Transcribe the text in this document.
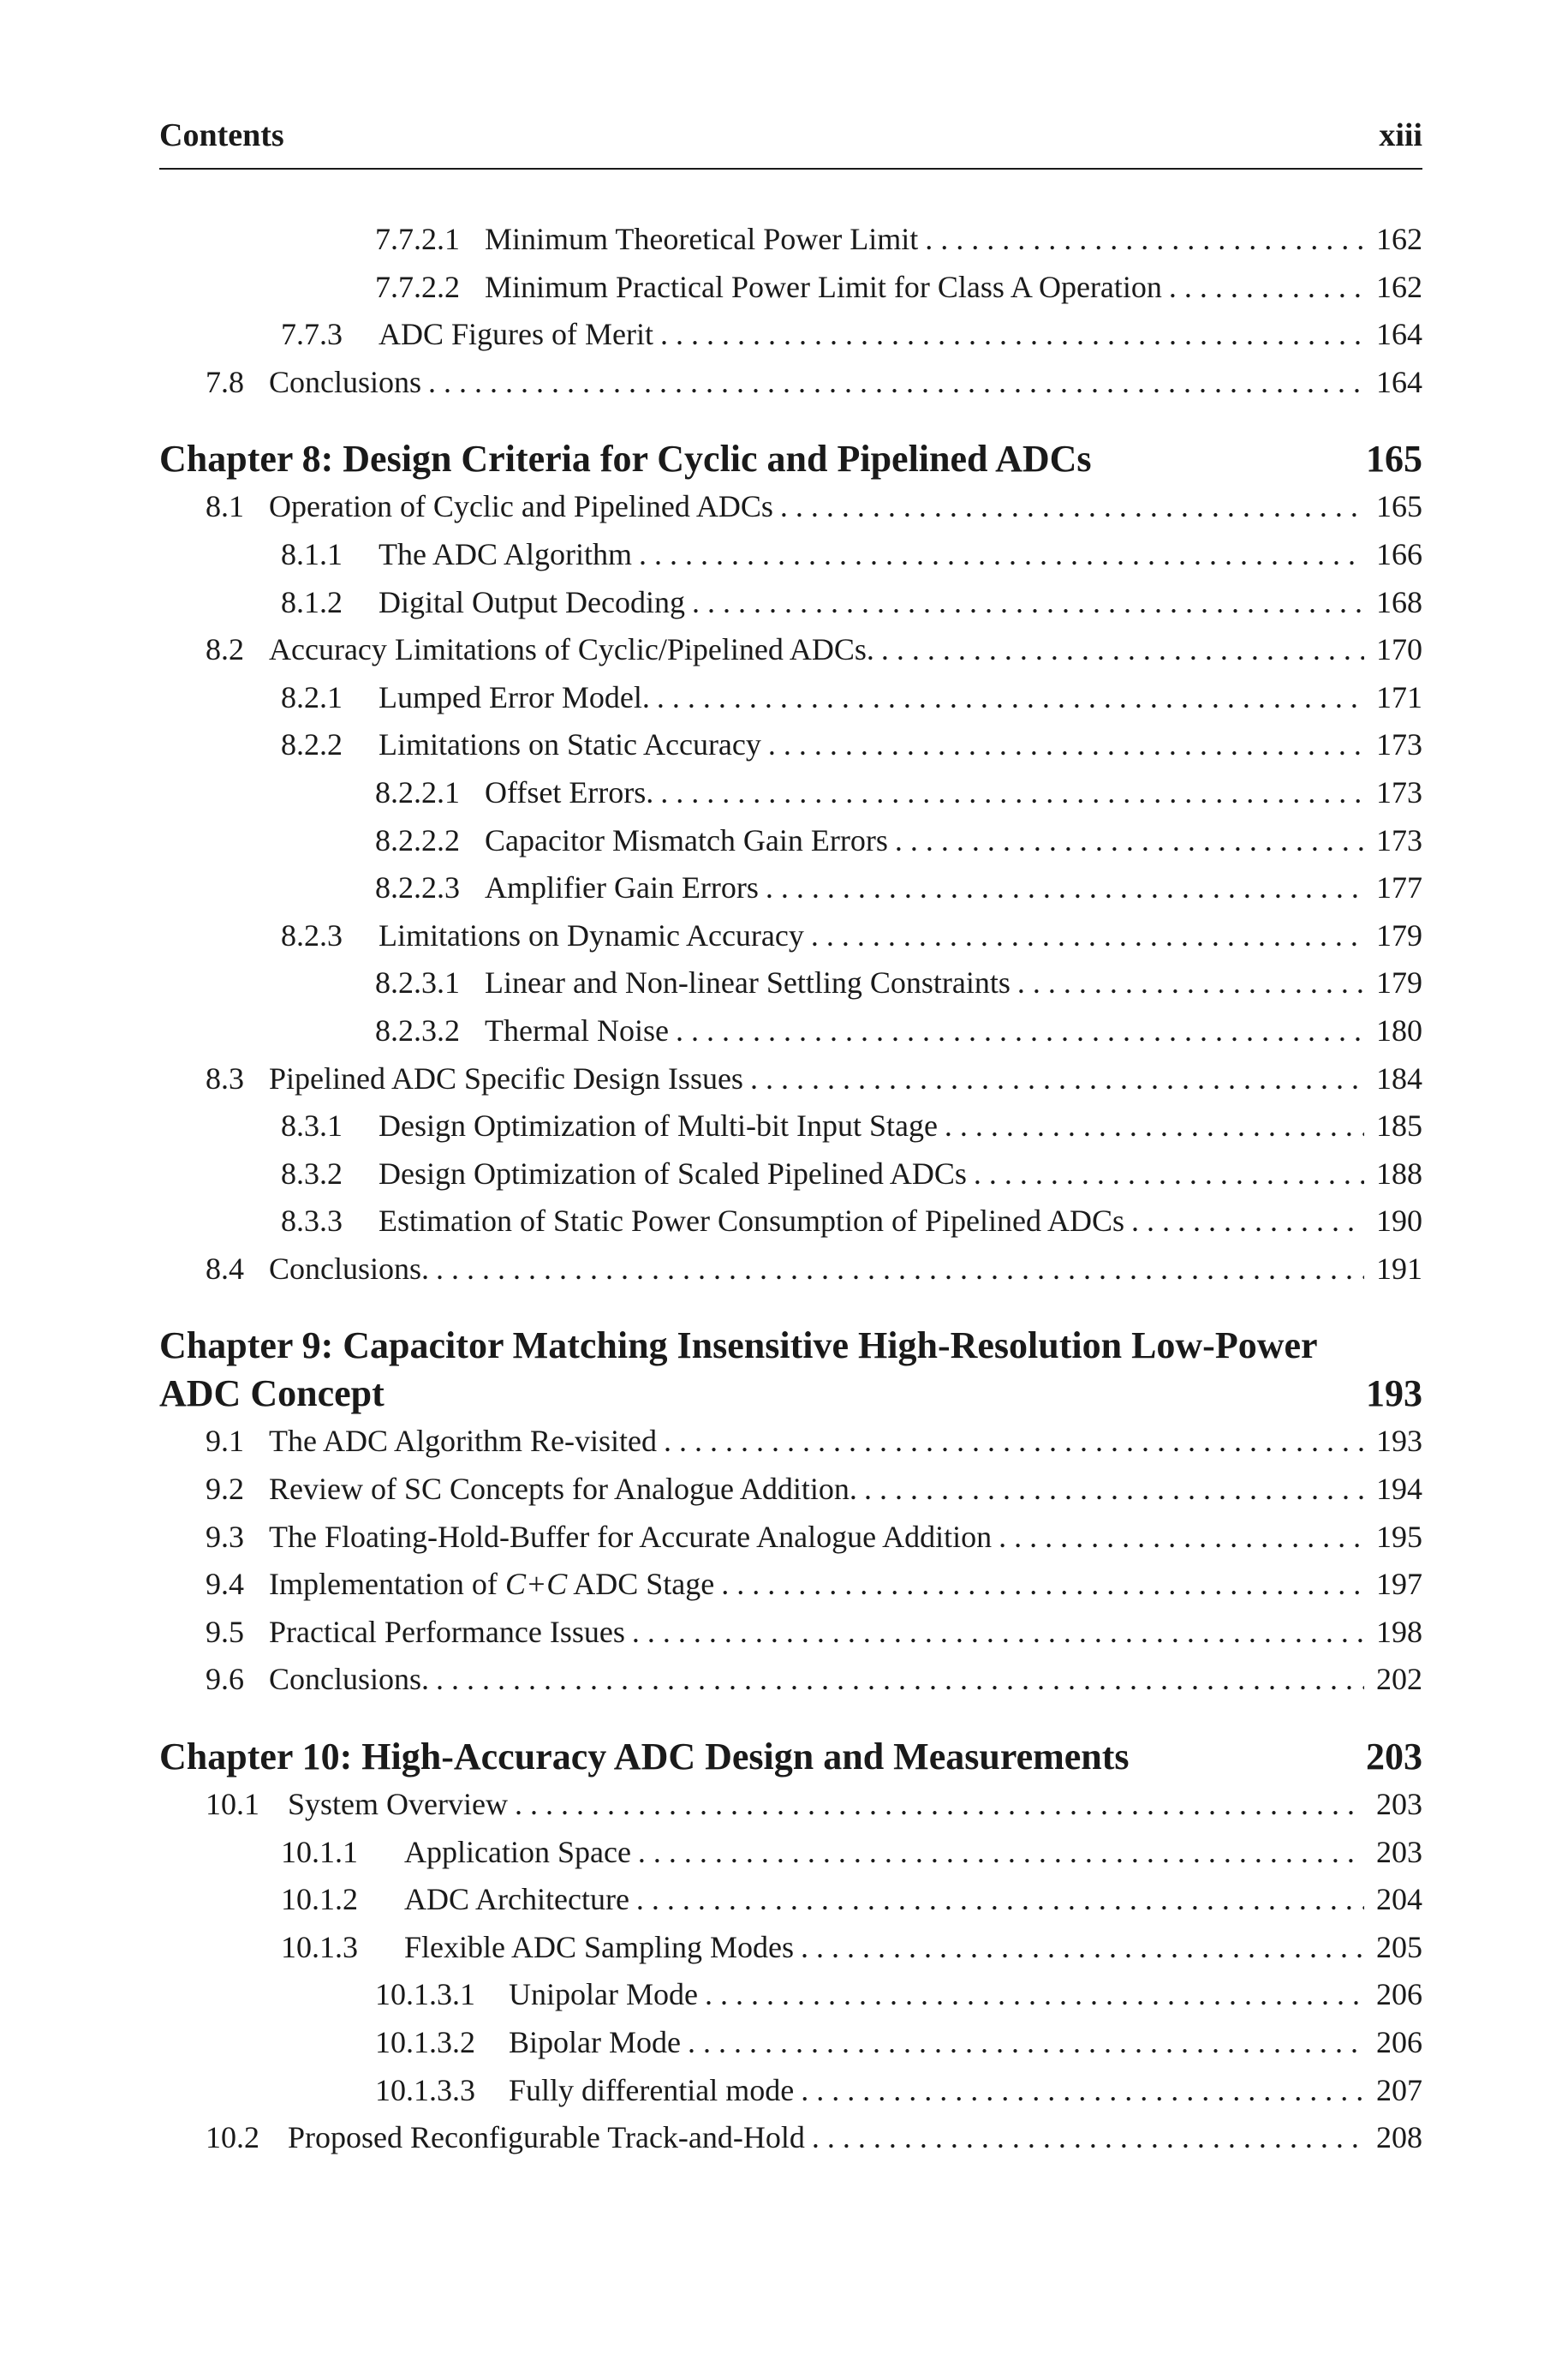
Contents	xiii
7.7.2.1 Minimum Theoretical Power Limit . . .	162
7.7.2.2 Minimum Practical Power Limit for Class A Operation . . .	162
7.7.3	ADC Figures of Merit . . .	164
7.8 Conclusions . . .	164
Chapter 8: Design Criteria for Cyclic and Pipelined ADCs	165
8.1 Operation of Cyclic and Pipelined ADCs . . .	165
8.1.1	The ADC Algorithm . . .	166
8.1.2	Digital Output Decoding . . .	168
8.2 Accuracy Limitations of Cyclic/Pipelined ADCs. . . .	170
8.2.1	Lumped Error Model. . . .	171
8.2.2	Limitations on Static Accuracy . . .	173
8.2.2.1 Offset Errors. . . .	173
8.2.2.2 Capacitor Mismatch Gain Errors . . .	173
8.2.2.3 Amplifier Gain Errors . . .	177
8.2.3	Limitations on Dynamic Accuracy . . .	179
8.2.3.1 Linear and Non-linear Settling Constraints . . .	179
8.2.3.2 Thermal Noise . . .	180
8.3 Pipelined ADC Specific Design Issues . . .	184
8.3.1	Design Optimization of Multi-bit Input Stage . . .	185
8.3.2	Design Optimization of Scaled Pipelined ADCs . . .	188
8.3.3	Estimation of Static Power Consumption of Pipelined ADCs . . .	190
8.4 Conclusions. . . .	191
Chapter 9: Capacitor Matching Insensitive High-Resolution Low-Power
ADC Concept	193
9.1 The ADC Algorithm Re-visited . . .	193
9.2 Review of SC Concepts for Analogue Addition. . . .	194
9.3 The Floating-Hold-Buffer for Accurate Analogue Addition . . .	195
9.4 Implementation of C+C ADC Stage . . .	197
9.5 Practical Performance Issues . . .	198
9.6 Conclusions. . . .	202
Chapter 10: High-Accuracy ADC Design and Measurements	203
10.1 System Overview . . .	203
10.1.1	Application Space . . .	203
10.1.2	ADC Architecture . . .	204
10.1.3	Flexible ADC Sampling Modes . . .	205
10.1.3.1	Unipolar Mode . . .	206
10.1.3.2	Bipolar Mode . . .	206
10.1.3.3	Fully differential mode . . .	207
10.2 Proposed Reconfigurable Track-and-Hold . . .	208
